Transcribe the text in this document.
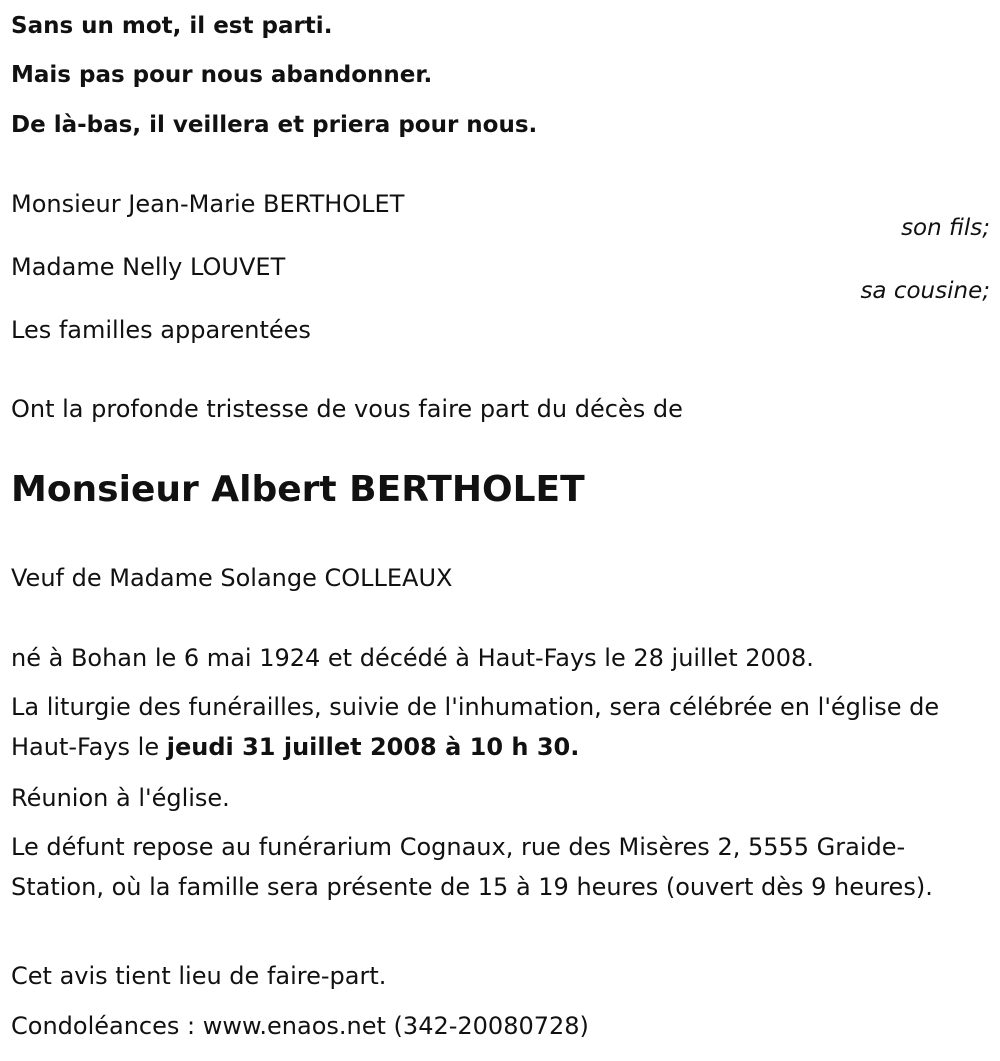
Sans un mot, il est parti.

Mais pas pour nous abandonner.

De là-bas, il veillera et priera pour nous.

Monsieur Jean-Marie BERTHOLET

son fils;

Madame Nelly LOUVET

sa cousine;

Les familles apparentées

Ont la profonde tristesse de vous faire part du décès de

Monsieur Albert BERTHOLET

Veuf de Madame Solange COLLEAUX

né à Bohan le 6 mai 1924 et décédé à Haut-Fays le 28 juillet 2008.

La liturgie des funérailles, suivie de l'inhumation, sera célébrée en l'église de Haut-Fays le jeudi 31 juillet 2008 à 10 h 30.

Réunion à l'église.

Le défunt repose au funérarium Cognaux, rue des Misères 2, 5555 Graide-Station, où la famille sera présente de 15 à 19 heures (ouvert dès 9 heures).

Cet avis tient lieu de faire-part.

Condoléances : www.enaos.net (342-20080728)
